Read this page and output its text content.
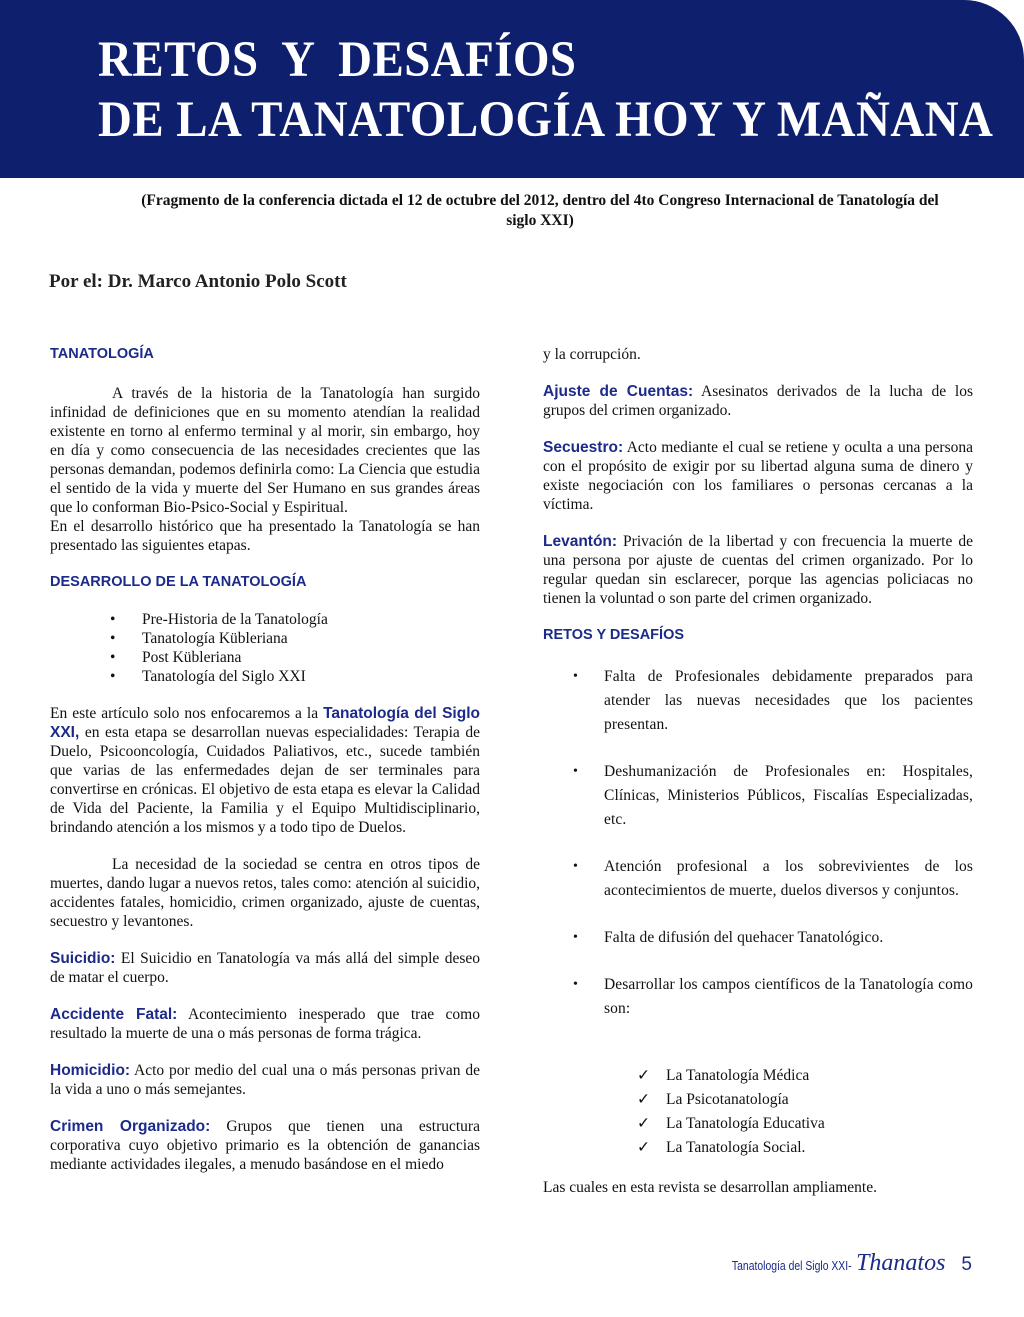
RETOS  Y  DESAFÍOS
DE LA TANATOLOGÍA HOY Y MAÑANA
(Fragmento de la conferencia dictada el 12 de octubre del 2012, dentro del 4to Congreso Internacional de Tanatología del siglo XXI)
Por el: Dr. Marco Antonio Polo Scott

TANATOLOGÍA

A través de la historia de la Tanatología han surgido infinidad de definiciones que en su momento atendían la realidad existente en torno al enfermo terminal y al morir, sin embargo, hoy en día y como consecuencia de las necesidades crecientes que las personas demandan, podemos definirla como: La Ciencia que estudia el sentido de la vida y muerte del Ser Humano en sus grandes áreas que lo conforman Bio-Psico-Social y Espiritual.

En el desarrollo histórico que ha presentado la Tanatología se han presentado las siguientes etapas.

DESARROLLO DE LA TANATOLOGÍA

• Pre-Historia de la Tanatología
• Tanatología Kübleriana
• Post Kübleriana
• Tanatología del Siglo XXI

En este artículo solo nos enfocaremos a la Tanatología del Siglo XXI, en esta etapa se desarrollan nuevas especialidades: Terapia de Duelo, Psicooncología, Cuidados Paliativos, etc., sucede también que varias de las enfermedades dejan de ser terminales para convertirse en crónicas. El objetivo de esta etapa es elevar la Calidad de Vida del Paciente, la Familia y el Equipo Multidisciplinario, brindando atención a los mismos y a todo tipo de Duelos.

La necesidad de la sociedad se centra en otros tipos de muertes, dando lugar a nuevos retos, tales como: atención al suicidio, accidentes fatales, homicidio, crimen organizado, ajuste de cuentas, secuestro y levantones.

Suicidio: El Suicidio en Tanatología va más allá del simple deseo de matar el cuerpo.

Accidente Fatal: Acontecimiento inesperado que trae como resultado la muerte de una o más personas de forma trágica.

Homicidio: Acto por medio del cual una o más personas privan de la vida a uno o más semejantes.

Crimen Organizado: Grupos que tienen una estructura corporativa cuyo objetivo primario es la obtención de ganancias mediante actividades ilegales, a menudo basándose en el miedo

y la corrupción.

Ajuste de Cuentas: Asesinatos derivados de la lucha de los grupos del crimen organizado.

Secuestro: Acto mediante el cual se retiene y oculta a una persona con el propósito de exigir por su libertad alguna suma de dinero y existe negociación con los familiares o personas cercanas a la víctima.

Levantón: Privación de la libertad y con frecuencia la muerte de una persona por ajuste de cuentas del crimen organizado. Por lo regular quedan sin esclarecer, porque las agencias policiacas no tienen la voluntad o son parte del crimen organizado.

RETOS Y DESAFÍOS

• Falta de Profesionales debidamente preparados para atender las nuevas necesidades que los pacientes presentan.
• Deshumanización de Profesionales en: Hospitales, Clínicas, Ministerios Públicos, Fiscalías Especializadas, etc.
• Atención profesional a los sobrevivientes de los acontecimientos de muerte, duelos diversos y conjuntos.
• Falta de difusión del quehacer Tanatológico.
• Desarrollar los campos científicos de la Tanatología como son:
✓ La Tanatología Médica
✓ La Psicotanatología
✓ La Tanatología Educativa
✓ La Tanatología Social.

Las cuales en esta revista se desarrollan ampliamente.

Tanatología del Siglo XXI- Thanatos 5
